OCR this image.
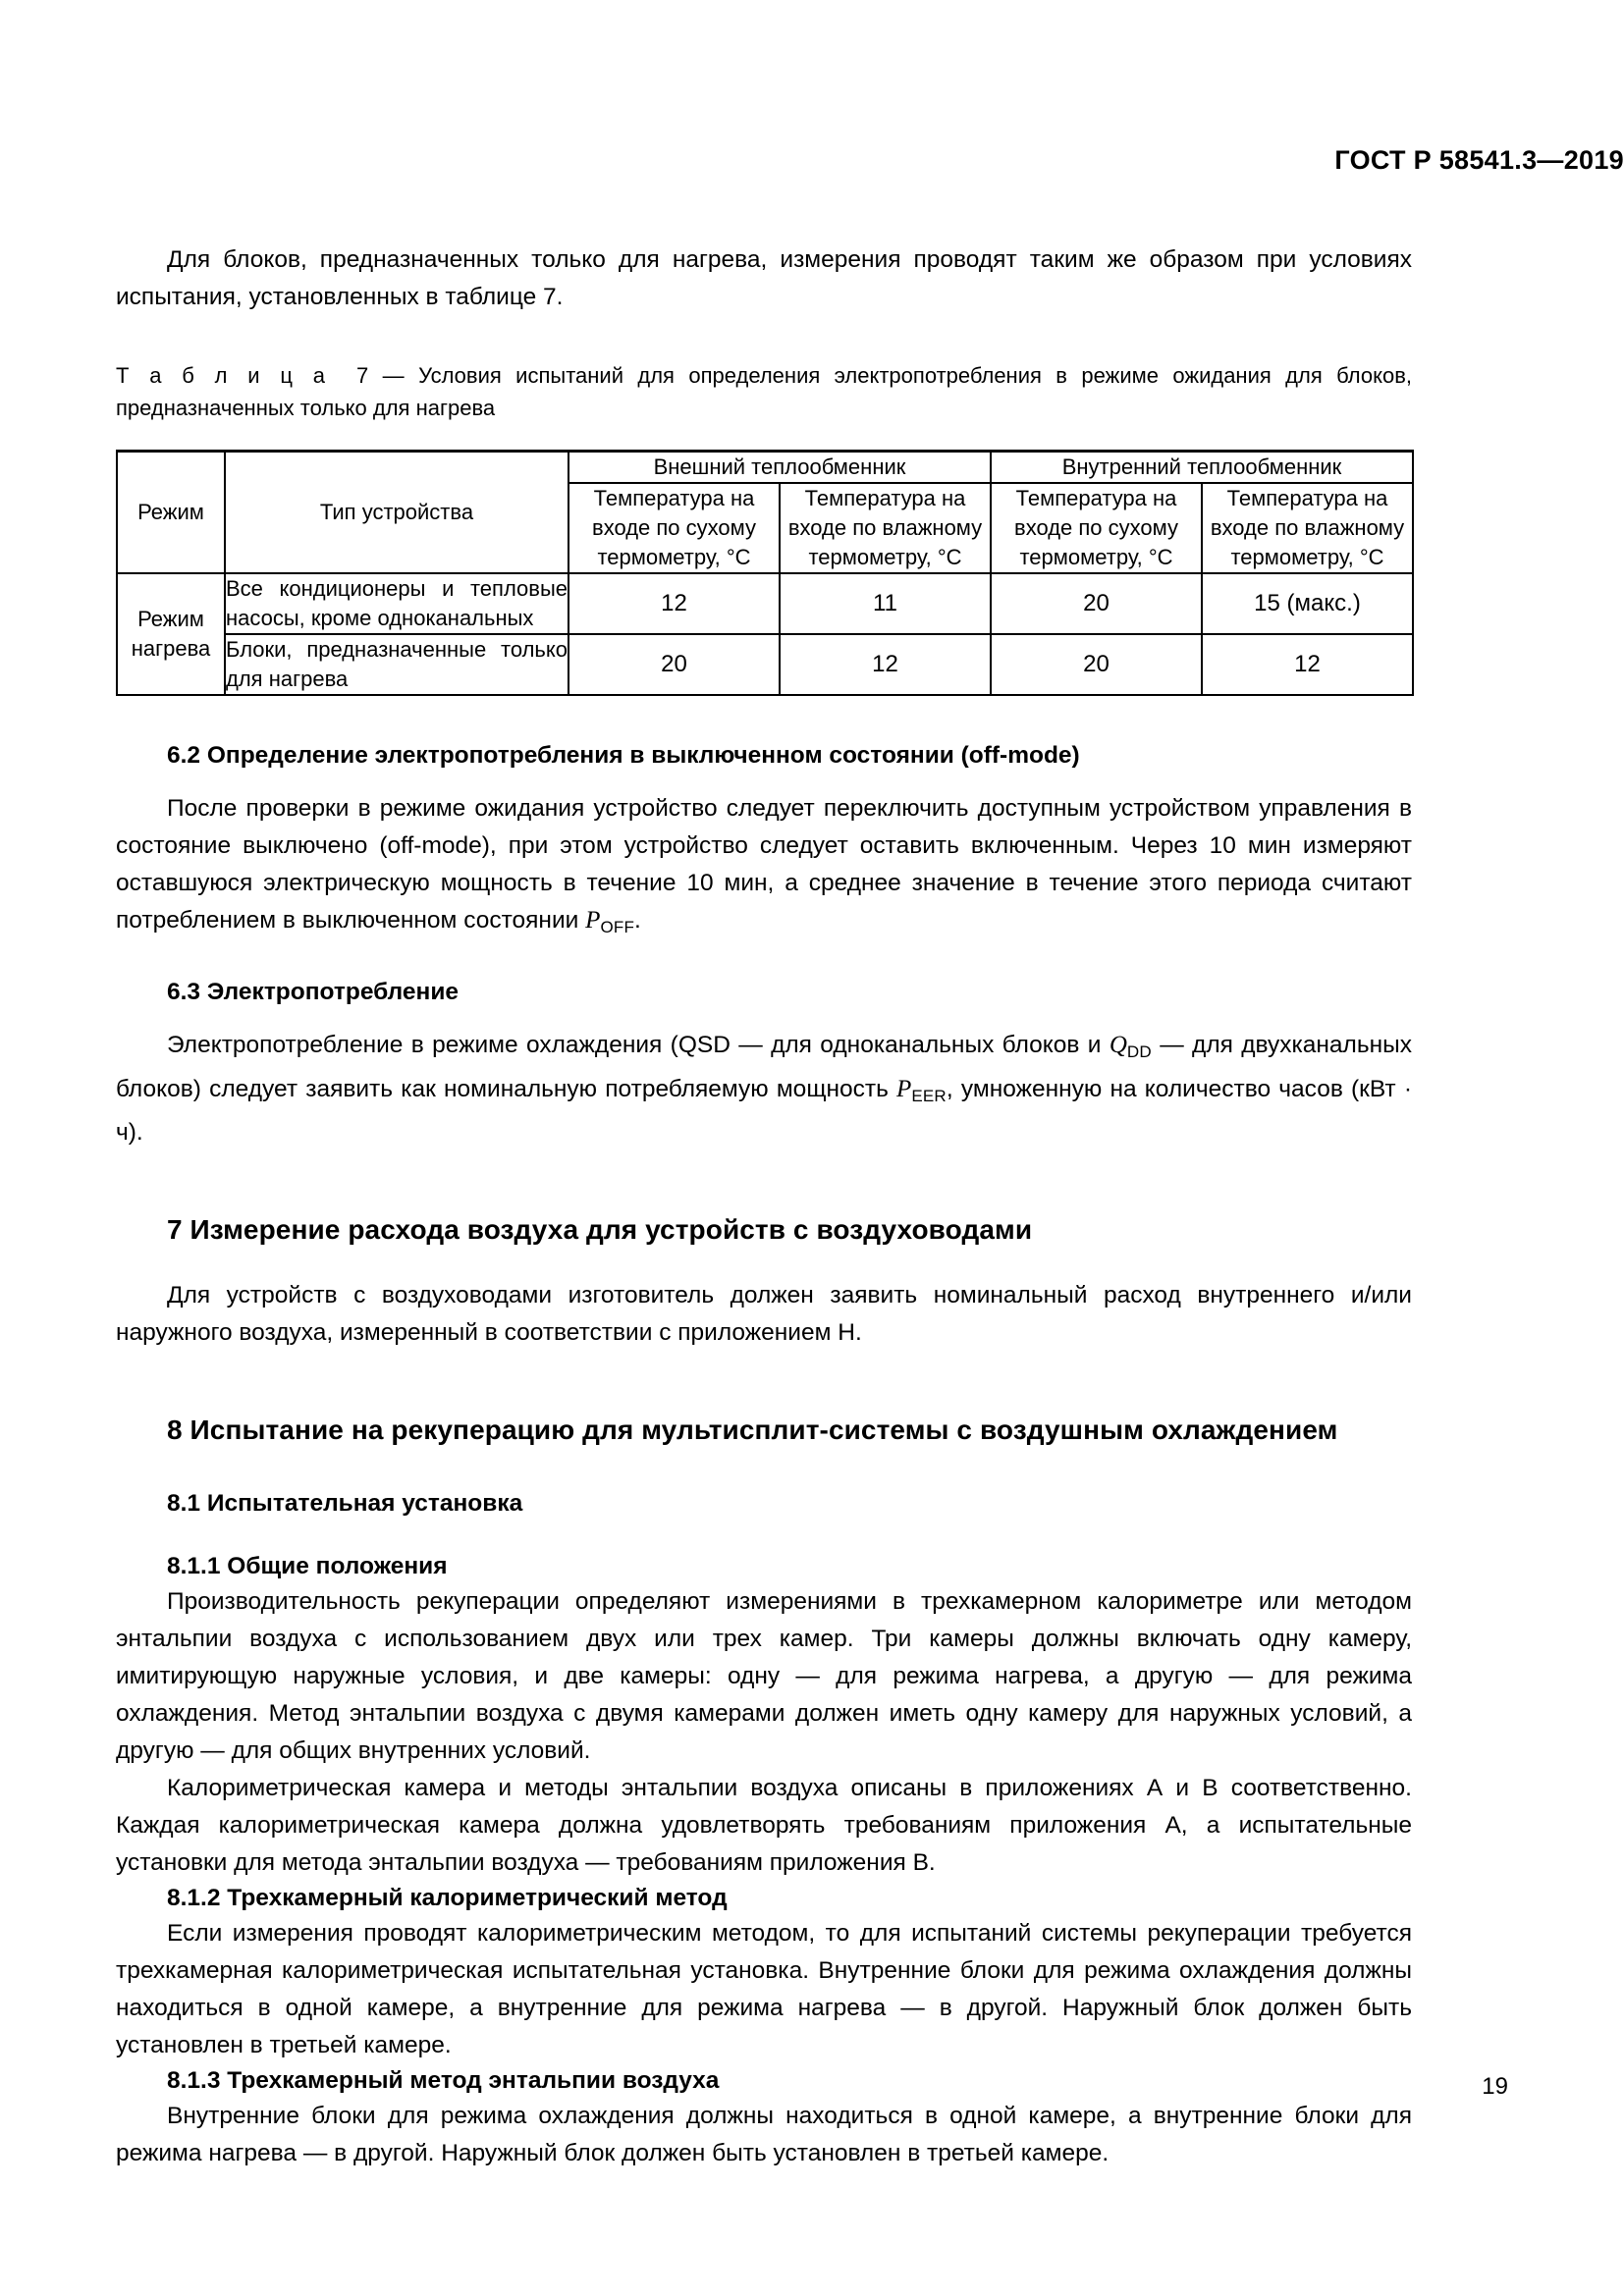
ГОСТ Р 58541.3—2019

Для блоков, предназначенных только для нагрева, измерения проводят таким же образом при условиях испытания, установленных в таблице 7.

Т а б л и ц а 7 — Условия испытаний для определения электропотребления в режиме ожидания для блоков, предназначенных только для нагрева

Режим	Тип устройства	Внешний теплообменник		Внутренний теплообменник	
		Температура на входе по сухому термометру, °С	Температура на входе по влажному термометру, °С	Температура на входе по сухому термометру, °С	Температура на входе по влажному термометру, °С
Режим нагрева	Все кондиционеры и тепловые насосы, кроме одноканальных	12	11	20	15 (макс.)
	Блоки, предназначенные только для нагрева	20	12	20	12
6.2 Определение электропотребления в выключенном состоянии (off-mode)

После проверки в режиме ожидания устройство следует переключить доступным устройством управления в состояние выключено (off-mode), при этом устройство следует оставить включенным. Через 10 мин измеряют оставшуюся электрическую мощность в течение 10 мин, а среднее значение в течение этого периода считают потреблением в выключенном состоянии $P_{OFF}$.

6.3 Электропотребление

Электропотребление в режиме охлаждения (QSD — для одноканальных блоков и $Q_{DD}$ — для двухканальных блоков) следует заявить как номинальную потребляемую мощность $P_{EER}$, умноженную на количество часов (кВт · ч).

7 Измерение расхода воздуха для устройств с воздуховодами

Для устройств с воздуховодами изготовитель должен заявить номинальный расход внутреннего и/или наружного воздуха, измеренный в соответствии с приложением Н.

8 Испытание на рекуперацию для мультисплит-системы с воздушным охлаждением
8.1 Испытательная установка
8.1.1 Общие положения

Производительность рекуперации определяют измерениями в трехкамерном калориметре или методом энтальпии воздуха с использованием двух или трех камер. Три камеры должны включать одну камеру, имитирующую наружные условия, и две камеры: одну — для режима нагрева, а другую — для режима охлаждения. Метод энтальпии воздуха с двумя камерами должен иметь одну камеру для наружных условий, а другую — для общих внутренних условий.

Калориметрическая камера и методы энтальпии воздуха описаны в приложениях А и В соответственно. Каждая калориметрическая камера должна удовлетворять требованиям приложения А, а испытательные установки для метода энтальпии воздуха — требованиям приложения В.

8.1.2 Трехкамерный калориметрический метод

Если измерения проводят калориметрическим методом, то для испытаний системы рекуперации требуется трехкамерная калориметрическая испытательная установка. Внутренние блоки для режима охлаждения должны находиться в одной камере, а внутренние для режима нагрева — в другой. Наружный блок должен быть установлен в третьей камере.

8.1.3 Трехкамерный метод энтальпии воздуха

Внутренние блоки для режима охлаждения должны находиться в одной камере, а внутренние блоки для режима нагрева — в другой. Наружный блок должен быть установлен в третьей камере.

19
